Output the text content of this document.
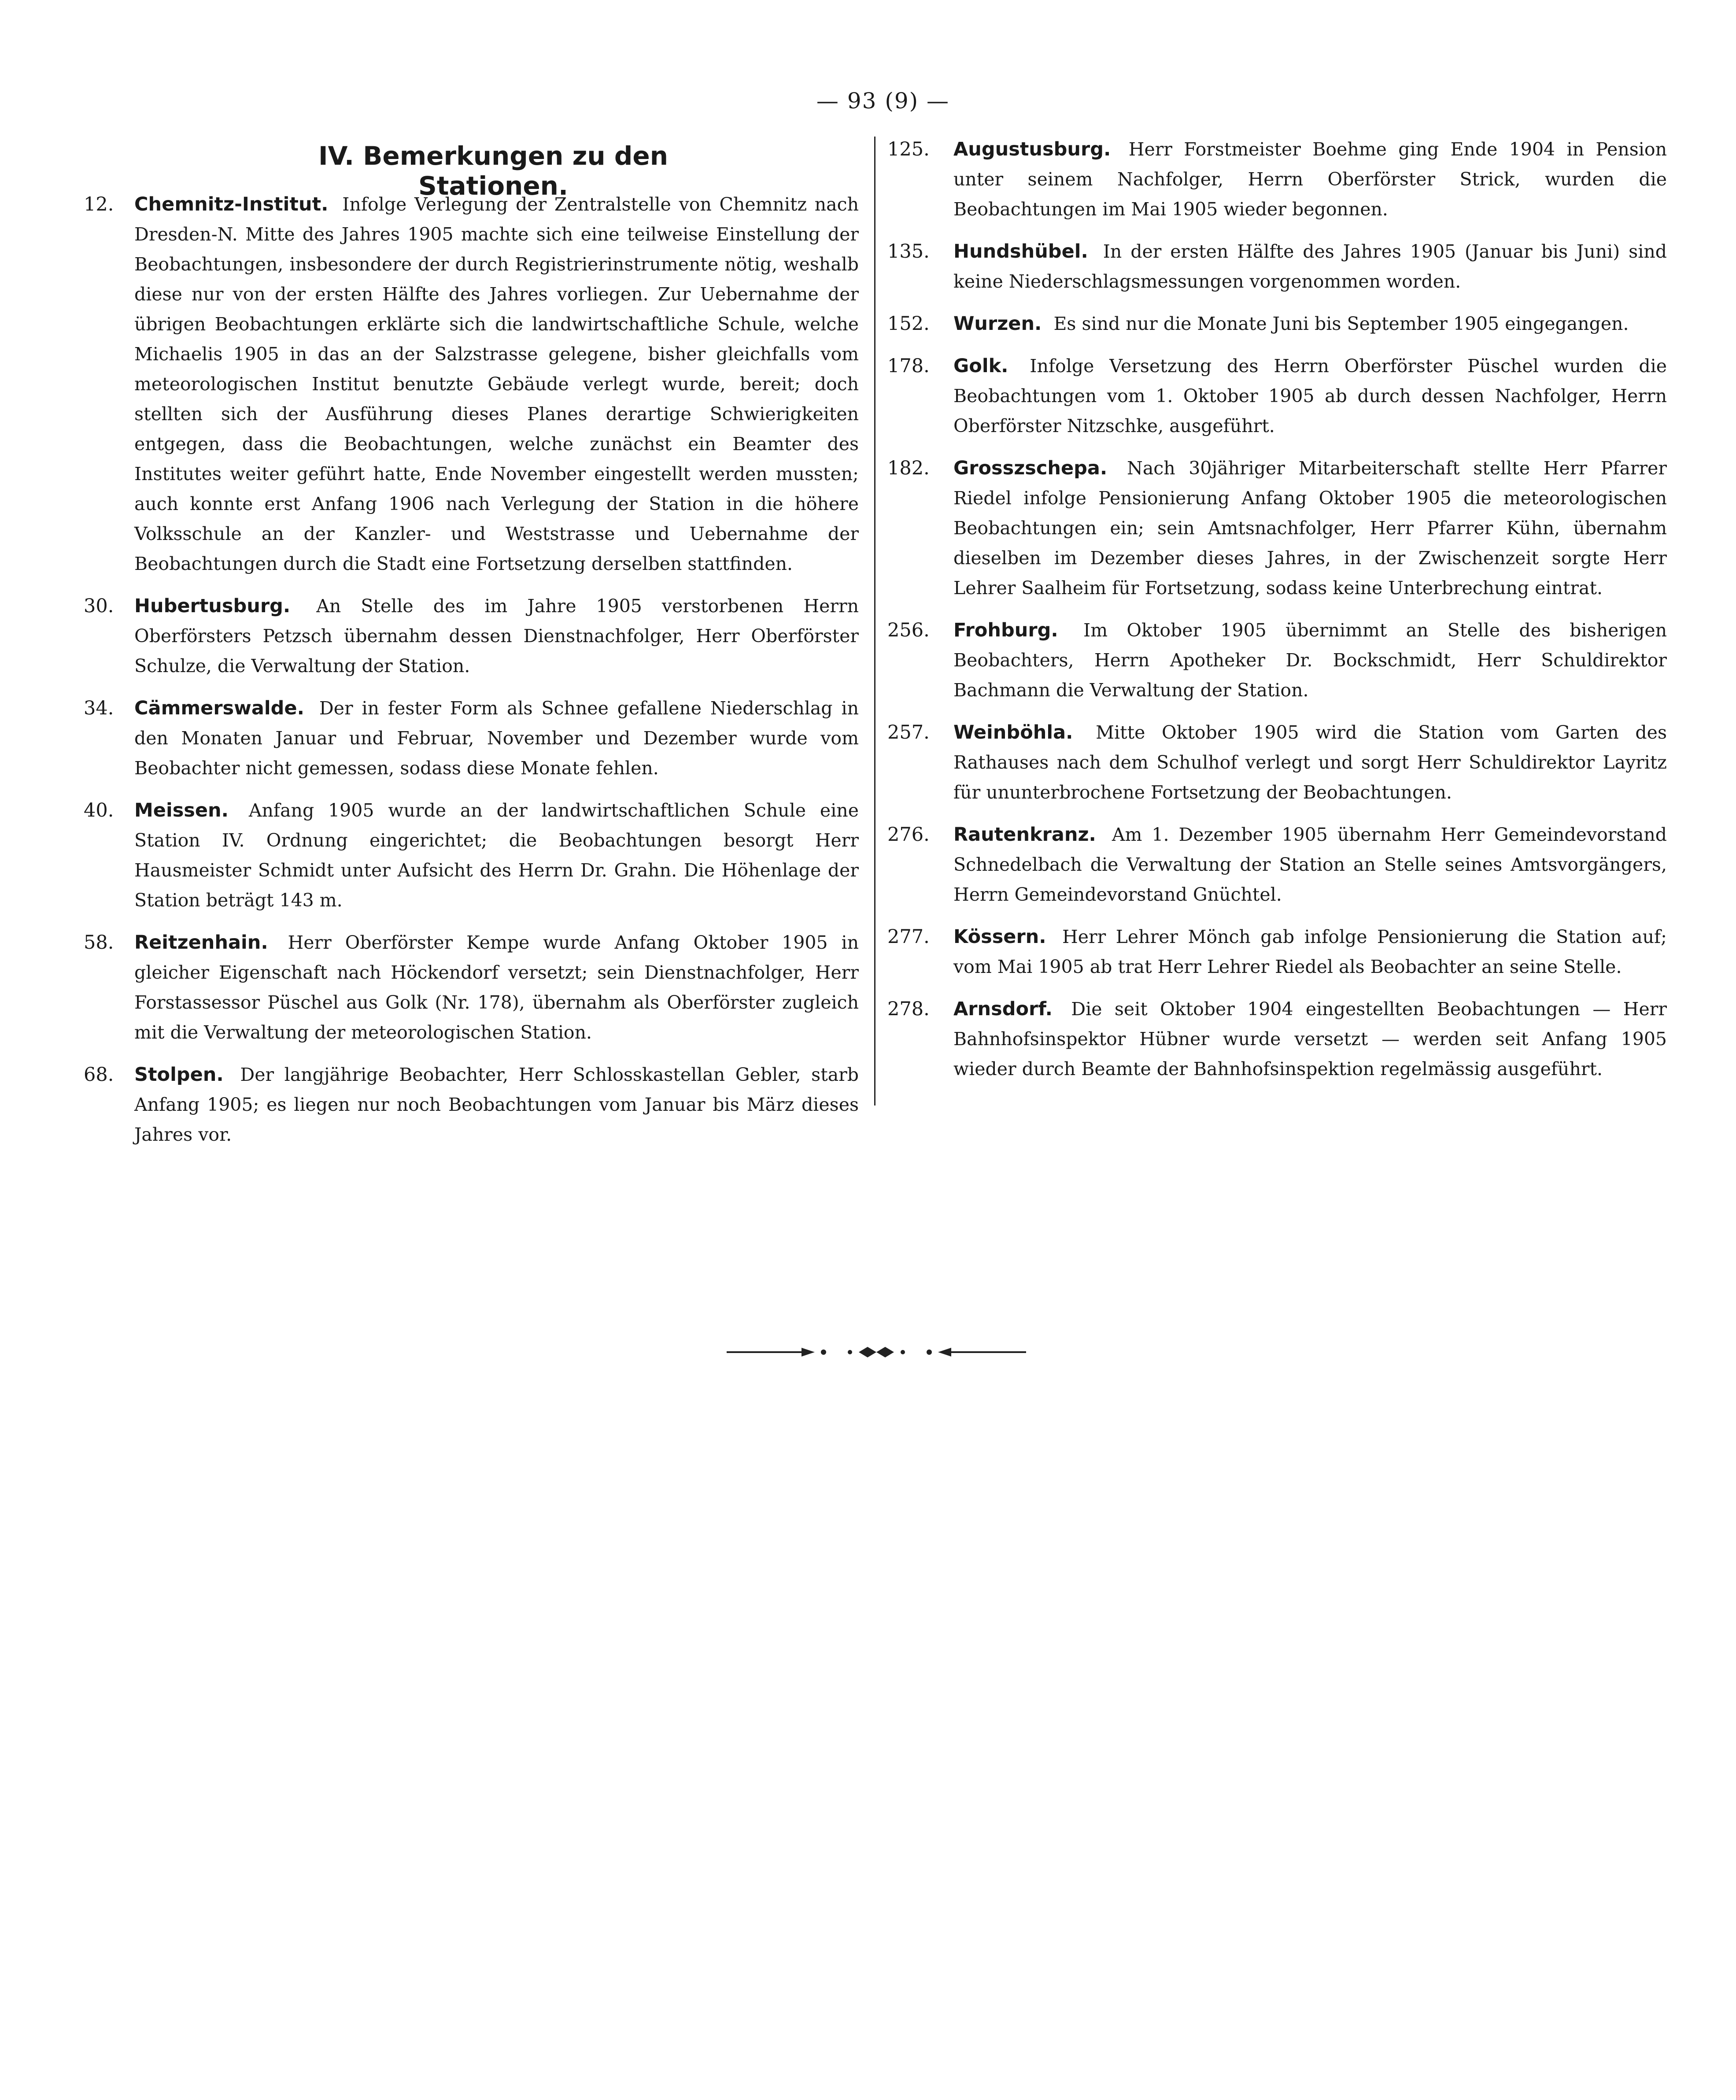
— 93 (9) —
IV. Bemerkungen zu den Stationen.
12. Chemnitz-Institut. Infolge Verlegung der Zentralstelle von Chemnitz nach Dresden-N. Mitte des Jahres 1905 machte sich eine teilweise Einstellung der Beobachtungen, insbesondere der durch Registrierinstrumente nötig, weshalb diese nur von der ersten Hälfte des Jahres vorliegen. Zur Uebernahme der übrigen Beobachtungen erklärte sich die landwirtschaftliche Schule, welche Michaelis 1905 in das an der Salzstrasse gelegene, bisher gleichfalls vom meteorologischen Institut benutzte Gebäude verlegt wurde, bereit; doch stellten sich der Ausführung dieses Planes derartige Schwierigkeiten entgegen, dass die Beobachtungen, welche zunächst ein Beamter des Institutes weiter geführt hatte, Ende November eingestellt werden mussten; auch konnte erst Anfang 1906 nach Verlegung der Station in die höhere Volksschule an der Kanzler- und Weststrasse und Uebernahme der Beobachtungen durch die Stadt eine Fortsetzung derselben stattfinden.
30. Hubertusburg. An Stelle des im Jahre 1905 verstorbenen Herrn Oberförsters Petzsch übernahm dessen Dienstnachfolger, Herr Oberförster Schulze, die Verwaltung der Station.
34. Cämmerswalde. Der in fester Form als Schnee gefallene Niederschlag in den Monaten Januar und Februar, November und Dezember wurde vom Beobachter nicht gemessen, sodass diese Monate fehlen.
40. Meissen. Anfang 1905 wurde an der landwirtschaftlichen Schule eine Station IV. Ordnung eingerichtet; die Beobachtungen besorgt Herr Hausmeister Schmidt unter Aufsicht des Herrn Dr. Grahn. Die Höhenlage der Station beträgt 143 m.
58. Reitzenhain. Herr Oberförster Kempe wurde Anfang Oktober 1905 in gleicher Eigenschaft nach Höckendorf versetzt; sein Dienstnachfolger, Herr Forstassessor Püschel aus Golk (Nr. 178), übernahm als Oberförster zugleich mit die Verwaltung der meteorologischen Station.
68. Stolpen. Der langjährige Beobachter, Herr Schlosskastellan Gebler, starb Anfang 1905; es liegen nur noch Beobachtungen vom Januar bis März dieses Jahres vor.
125. Augustusburg. Herr Forstmeister Boehme ging Ende 1904 in Pension unter seinem Nachfolger, Herrn Oberförster Strick, wurden die Beobachtungen im Mai 1905 wieder begonnen.
135. Hundshübel. In der ersten Hälfte des Jahres 1905 (Januar bis Juni) sind keine Niederschlagsmessungen vorgenommen worden.
152. Wurzen. Es sind nur die Monate Juni bis September 1905 eingegangen.
178. Golk. Infolge Versetzung des Herrn Oberförster Püschel wurden die Beobachtungen vom 1. Oktober 1905 ab durch dessen Nachfolger, Herrn Oberförster Nitzschke, ausgeführt.
182. Grosszschepa. Nach 30jähriger Mitarbeiterschaft stellte Herr Pfarrer Riedel infolge Pensionierung Anfang Oktober 1905 die meteorologischen Beobachtungen ein; sein Amtsnachfolger, Herr Pfarrer Kühn, übernahm dieselben im Dezember dieses Jahres, in der Zwischenzeit sorgte Herr Lehrer Saalheim für Fortsetzung, sodass keine Unterbrechung eintrat.
256. Frohburg. Im Oktober 1905 übernimmt an Stelle des bisherigen Beobachters, Herrn Apotheker Dr. Bockschmidt, Herr Schuldirektor Bachmann die Verwaltung der Station.
257. Weinböhla. Mitte Oktober 1905 wird die Station vom Garten des Rathauses nach dem Schulhof verlegt und sorgt Herr Schuldirektor Layritz für ununterbrochene Fortsetzung der Beobachtungen.
276. Rautenkranz. Am 1. Dezember 1905 übernahm Herr Gemeindevorstand Schnedelbach die Verwaltung der Station an Stelle seines Amtsvorgängers, Herrn Gemeindevorstand Gnüchtel.
277. Kössern. Herr Lehrer Mönch gab infolge Pensionierung die Station auf; vom Mai 1905 ab trat Herr Lehrer Riedel als Beobachter an seine Stelle.
278. Arnsdorf. Die seit Oktober 1904 eingestellten Beobachtungen — Herr Bahnhofsinspektor Hübner wurde versetzt — werden seit Anfang 1905 wieder durch Beamte der Bahnhofsinspektion regelmässig ausgeführt.
